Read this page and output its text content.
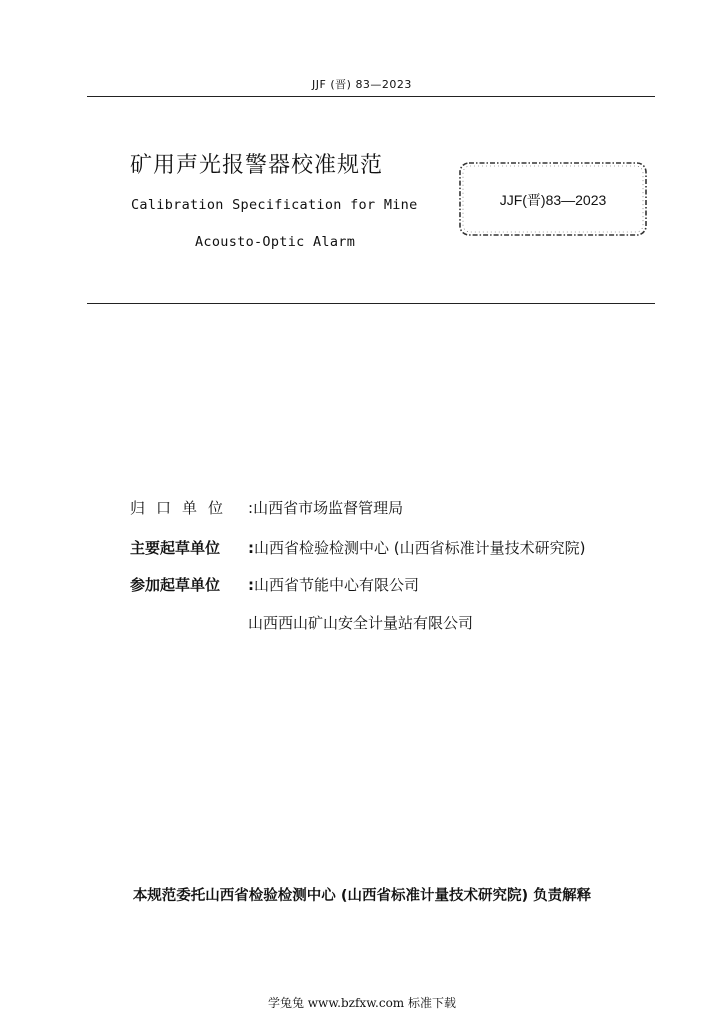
JJF (晋) 83—2023
矿用声光报警器校准规范
Calibration Specification for Mine
Acousto-Optic Alarm
JJF(晋)83—2023
归口单位 :山西省市场监督管理局
主要起草单位 :山西省检验检测中心 (山西省标准计量技术研究院)
参加起草单位 :山西省节能中心有限公司
山西西山矿山安全计量站有限公司
本规范委托山西省检验检测中心 (山西省标准计量技术研究院) 负责解释
学兔兔 www.bzfxw.com 标准下载
